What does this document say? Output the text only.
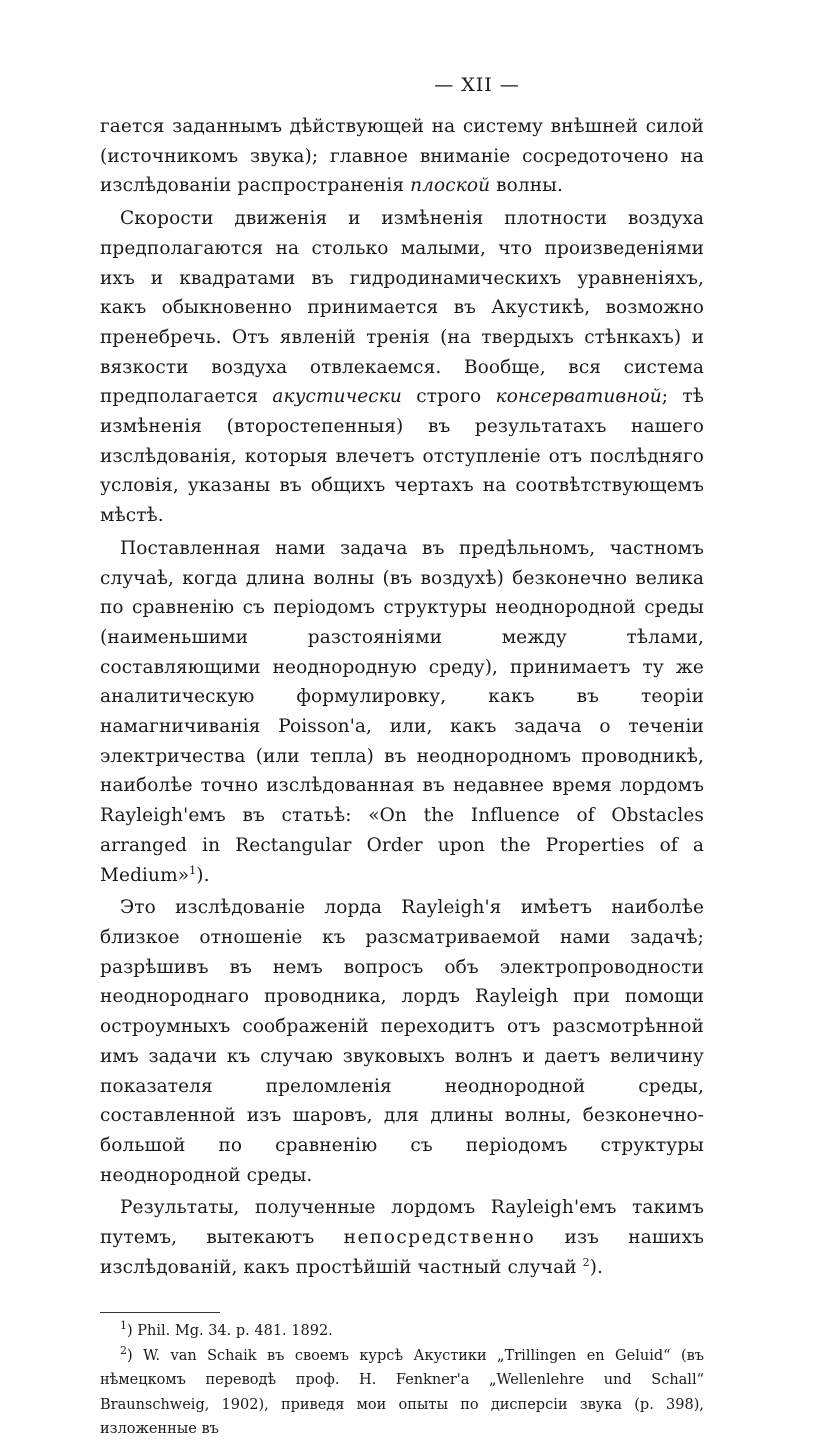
— XII —

гается заданнымъ дѣйствующей на систему внѣшней силой (источникомъ звука); главное вниманіе сосредоточено на изслѣдованіи распространенія плоской волны.

Скорости движенія и измѣненія плотности воздуха предполагаются на столько малыми, что произведеніями ихъ и квадратами въ гидродинамическихъ уравненіяхъ, какъ обыкновенно принимается въ Акустикѣ, возможно пренебречь. Отъ явленій тренія (на твердыхъ стѣнкахъ) и вязкости воздуха отвлекаемся. Вообще, вся система предполагается акустически строго консервативной; тѣ измѣненія (второстепенныя) въ результатахъ нашего изслѣдованія, которыя влечетъ отступленіе отъ послѣдняго условія, указаны въ общихъ чертахъ на соотвѣтствующемъ мѣстѣ.

Поставленная нами задача въ предѣльномъ, частномъ случаѣ, когда длина волны (въ воздухѣ) безконечно велика по сравненію съ періодомъ структуры неоднородной среды (наименьшими разстояніями между тѣлами, составляющими неоднородную среду), принимаетъ ту же аналитическую формулировку, какъ въ теоріи намагничиванія Poisson'а, или, какъ задача о теченіи электричества (или тепла) въ неоднородномъ проводникѣ, наиболѣе точно изслѣдованная въ недавнее время лордомъ Rayleigh'емъ въ статьѣ: «On the Influence of Obstacles arranged in Rectangular Order upon the Properties of a Medium»$^1$).

Это изслѣдованіе лорда Rayleigh'я имѣетъ наиболѣе близкое отношеніе къ разсматриваемой нами задачѣ; разрѣшивъ въ немъ вопросъ объ электропроводности неоднороднаго проводника, лордъ Rayleigh при помощи остроумныхъ соображеній переходитъ отъ разсмотрѣнной имъ задачи къ случаю звуковыхъ волнъ и даетъ величину показателя преломленія неоднородной среды, составленной изъ шаровъ, для длины волны, безконечно-большой по сравненію съ періодомъ структуры неоднородной среды.

Результаты, полученные лордомъ Rayleigh'емъ такимъ путемъ, вытекаютъ непосредственно изъ нашихъ изслѣдованій, какъ простѣйшій частный случай $^2$).

$^1$) Phil. Mg. 34. p. 481. 1892.

$^2$) W. van Schaik въ своемъ курсѣ Акустики „Trillingen en Geluid“ (въ нѣмецкомъ переводѣ проф. H. Fenkner'а „Wellenlehre und Schall“ Braunschweig, 1902), приведя мои опыты по дисперсіи звука (p. 398), изложенные въ
